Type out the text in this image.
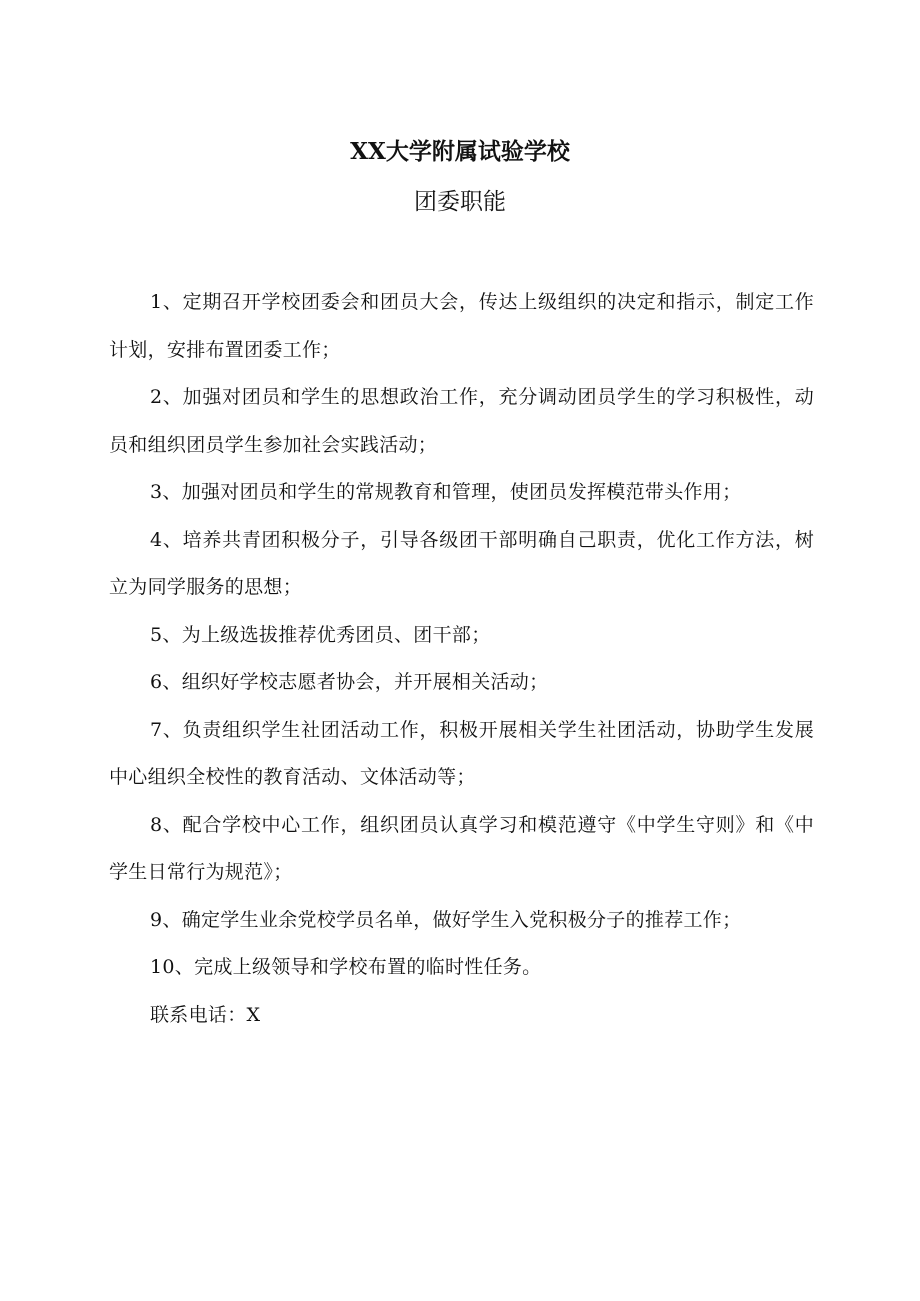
XX大学附属试验学校
团委职能

1、定期召开学校团委会和团员大会，传达上级组织的决定和指示，制定工作计划，安排布置团委工作；

2、加强对团员和学生的思想政治工作，充分调动团员学生的学习积极性，动员和组织团员学生参加社会实践活动；

3、加强对团员和学生的常规教育和管理，使团员发挥模范带头作用；

4、培养共青团积极分子，引导各级团干部明确自己职责，优化工作方法，树立为同学服务的思想；

5、为上级选拔推荐优秀团员、团干部；

6、组织好学校志愿者协会，并开展相关活动；

7、负责组织学生社团活动工作，积极开展相关学生社团活动，协助学生发展中心组织全校性的教育活动、文体活动等；

8、配合学校中心工作，组织团员认真学习和模范遵守《中学生守则》和《中学生日常行为规范》；

9、确定学生业余党校学员名单，做好学生入党积极分子的推荐工作；

10、完成上级领导和学校布置的临时性任务。

联系电话：X
